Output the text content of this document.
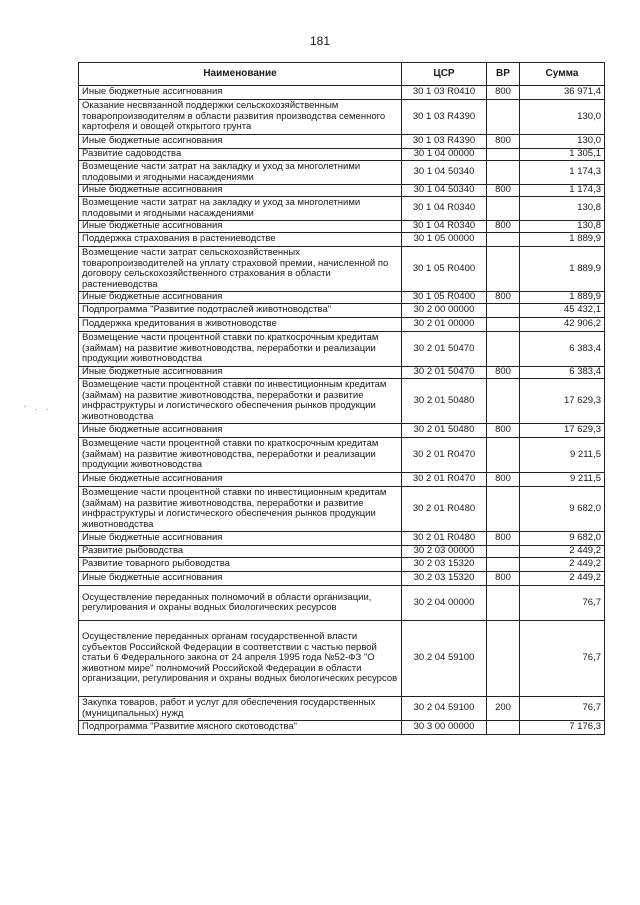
181
' · ·
Наименование	ЦСР	ВР	Сумма
Иные бюджетные ассигнования	30 1 03 R0410	800	36 971,4
Оказание несвязанной поддержки сельскохозяйственным товаропроизводителям в области развития производства семенного картофеля и овощей открытого грунта	30 1 03 R4390		130,0
Иные бюджетные ассигнования	30 1 03 R4390	800	130,0
Развитие садоводства	30 1 04 00000		1 305,1
Возмещение части затрат на закладку и уход за многолетними плодовыми и ягодными насаждениями	30 1 04 50340		1 174,3
Иные бюджетные ассигнования	30 1 04 50340	800	1 174,3
Возмещение части затрат на закладку и уход за многолетними плодовыми и ягодными насаждениями	30 1 04 R0340		130,8
Иные бюджетные ассигнования	30 1 04 R0340	800	130,8
Поддержка страхования в растениеводстве	30 1 05 00000		1 889,9
Возмещение части затрат сельскохозяйственных товаропроизводителей на уплату страховой премии, начисленной по договору сельскохозяйственного страхования в области растениеводства	30 1 05 R0400		1 889,9
Иные бюджетные ассигнования	30 1 05 R0400	800	1 889,9
Подпрограмма "Развитие подотраслей животноводства"	30 2 00 00000		45 432,1
Поддержка кредитования в животноводстве	30 2 01 00000		42 906,2
Возмещение части процентной ставки по краткосрочным кредитам (займам) на развитие животноводства, переработки и реализации продукции животноводства	30 2 01 50470		6 383,4
Иные бюджетные ассигнования	30 2 01 50470	800	6 383,4
Возмещение части процентной ставки по инвестиционным кредитам (займам) на развитие животноводства, переработки и развитие инфраструктуры и логистического обеспечения рынков продукции животноводства	30 2 01 50480		17 629,3
Иные бюджетные ассигнования	30 2 01 50480	800	17 629,3
Возмещение части процентной ставки по краткосрочным кредитам (займам) на развитие животноводства, переработки и реализации продукции животноводства	30 2 01 R0470		9 211,5
Иные бюджетные ассигнования	30 2 01 R0470	800	9 211,5
Возмещение части процентной ставки по инвестиционным кредитам (займам) на развитие животноводства, переработки и развитие инфраструктуры и логистического обеспечения рынков продукции животноводства	30 2 01 R0480		9 682,0
Иные бюджетные ассигнования	30 2 01 R0480	800	9 682,0
Развитие рыбоводства	30 2 03 00000		2 449,2
Развитие товарного рыбоводства	30 2 03 15320		2 449,2
Иные бюджетные ассигнования	30 2 03 15320	800	2 449,2
Осуществление переданных полномочий в области организации, регулирования и охраны водных биологических ресурсов	30 2 04 00000		76,7
Осуществление переданных органам государственной власти субъектов Российской Федерации в соответствии с частью первой статьи 6 Федерального закона от 24 апреля 1995 года №52-ФЗ "О животном мире" полномочий Российской Федерации в области организации, регулирования и охраны водных биологических ресурсов	30 2 04 59100		76,7
Закупка товаров, работ и услуг для обеспечения государственных (муниципальных) нужд	30 2 04 59100	200	76,7
Подпрограмма "Развитие мясного скотоводства"	30 3 00 00000		7 176,3
